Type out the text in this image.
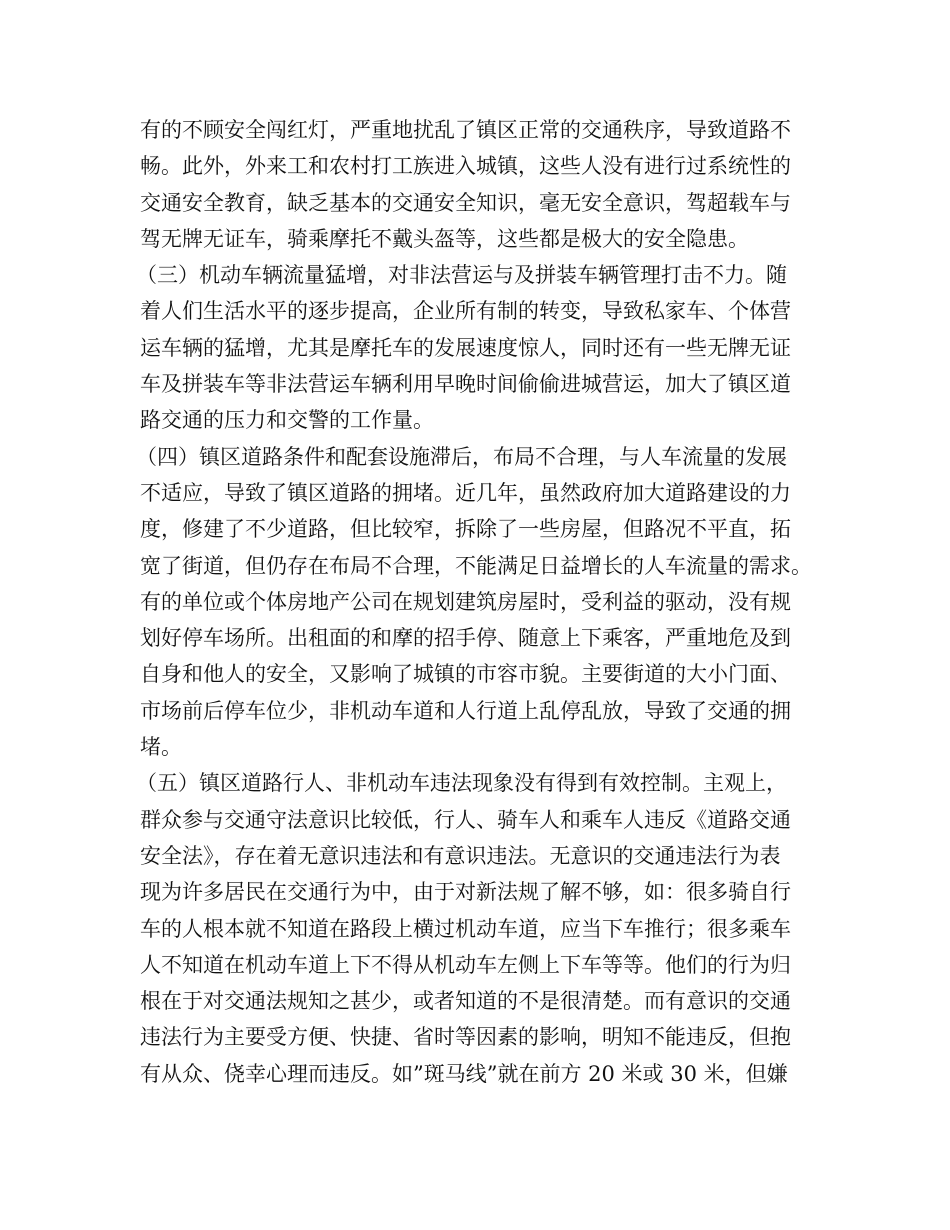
有的不顾安全闯红灯，严重地扰乱了镇区正常的交通秩序，导致道路不
畅。此外，外来工和农村打工族进入城镇，这些人没有进行过系统性的
交通安全教育，缺乏基本的交通安全知识，毫无安全意识，驾超载车与
驾无牌无证车，骑乘摩托不戴头盔等，这些都是极大的安全隐患。
（三）机动车辆流量猛增，对非法营运与及拼装车辆管理打击不力。随
着人们生活水平的逐步提高，企业所有制的转变，导致私家车、个体营
运车辆的猛增，尤其是摩托车的发展速度惊人，同时还有一些无牌无证
车及拼装车等非法营运车辆利用早晚时间偷偷进城营运，加大了镇区道
路交通的压力和交警的工作量。
（四）镇区道路条件和配套设施滞后，布局不合理，与人车流量的发展
不适应，导致了镇区道路的拥堵。近几年，虽然政府加大道路建设的力
度，修建了不少道路，但比较窄，拆除了一些房屋，但路况不平直，拓
宽了街道，但仍存在布局不合理，不能满足日益增长的人车流量的需求。
有的单位或个体房地产公司在规划建筑房屋时，受利益的驱动，没有规
划好停车场所。出租面的和摩的招手停、随意上下乘客，严重地危及到
自身和他人的安全，又影响了城镇的市容市貌。主要街道的大小门面、
市场前后停车位少，非机动车道和人行道上乱停乱放，导致了交通的拥
堵。
（五）镇区道路行人、非机动车违法现象没有得到有效控制。主观上，
群众参与交通守法意识比较低，行人、骑车人和乘车人违反《道路交通
安全法》，存在着无意识违法和有意识违法。无意识的交通违法行为表
现为许多居民在交通行为中，由于对新法规了解不够，如：很多骑自行
车的人根本就不知道在路段上横过机动车道，应当下车推行；很多乘车
人不知道在机动车道上下不得从机动车左侧上下车等等。他们的行为归
根在于对交通法规知之甚少，或者知道的不是很清楚。而有意识的交通
违法行为主要受方便、快捷、省时等因素的影响，明知不能违反，但抱
有从众、侥幸心理而违反。如”斑马线”就在前方 20 米或 30 米，但嫌
